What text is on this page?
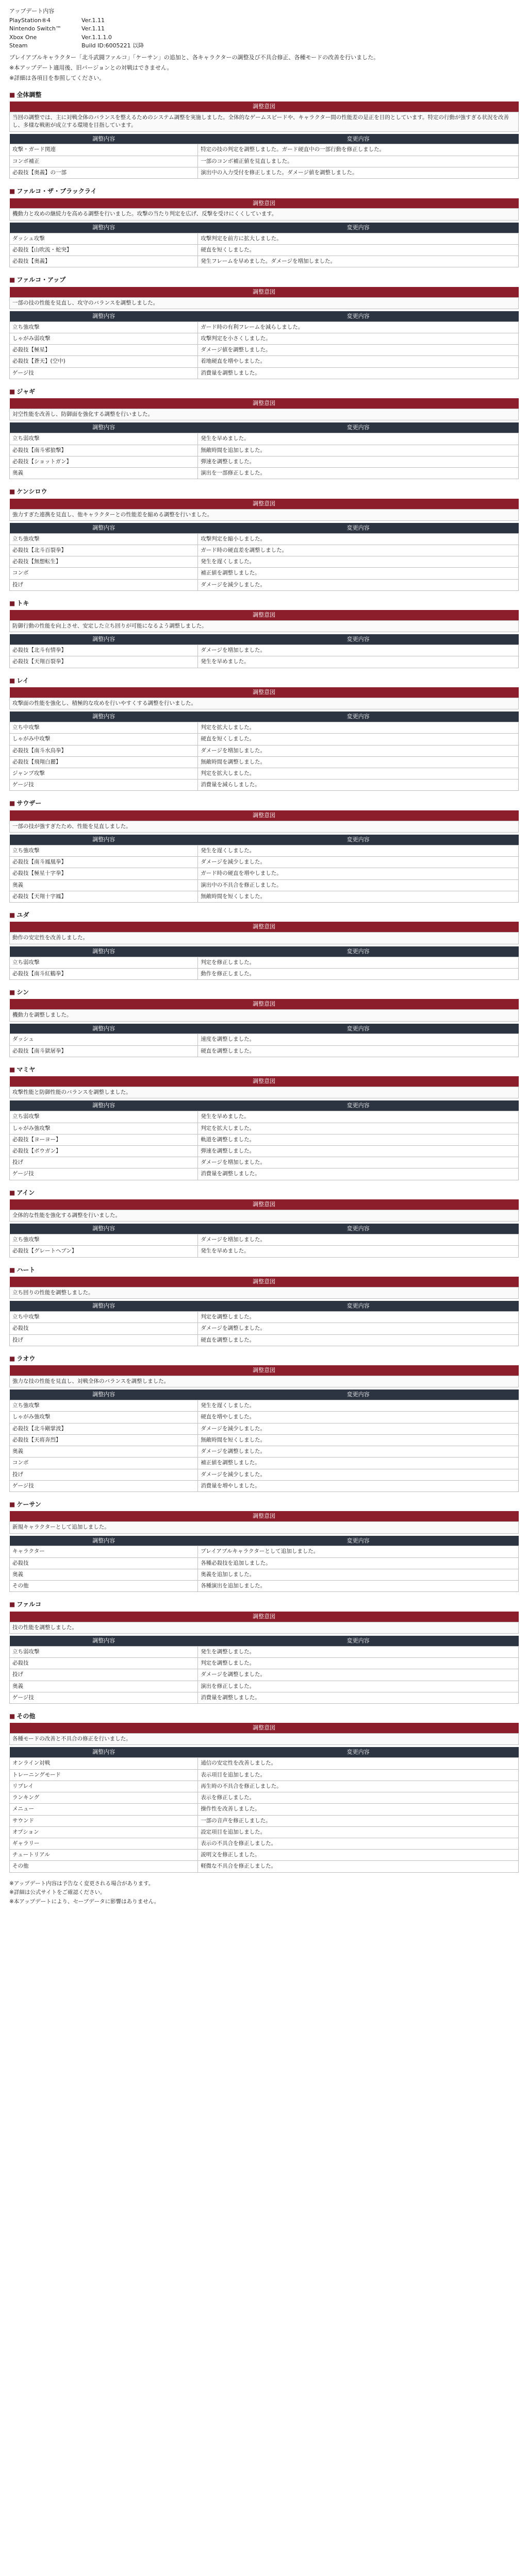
アップデート内容
PlayStation®4	Ver.1.11
Nintendo Switch™	Ver.1.11
Xbox One	Ver.1.1.1.0
Steam	Build ID:6005221 以降

プレイアブルキャラクター「北斗武闘ファルコ」「ケーサン」の追加と、各キャラクターの調整及び不具合修正、各種モードの改善を行いました。

※本アップデート適用後、旧バージョンとの対戦はできません。

※詳細は各項目を参照してください。

■ 全体調整
調整意図
当回の調整では、主に対戦全体のバランスを整えるためのシステム調整を実施しました。全体的なゲームスピードや、キャラクター間の性能差の是正を目的としています。特定の行動が強すぎる状況を改善し、多様な戦術が成立する環境を目指しています。
調整内容	変更内容
攻撃・ガード関連	特定の技の判定を調整しました。ガード硬直中の一部行動を修正しました。
コンボ補正	一部のコンボ補正値を見直しました。
必殺技【奥義】の一部	演出中の入力受付を修正しました。ダメージ値を調整しました。
■ ファルコ・ザ・ブラックライ
調整意図
機動力と攻めの継続力を高める調整を行いました。攻撃の当たり判定を広げ、反撃を受けにくくしています。
調整内容	変更内容
ダッシュ攻撃	攻撃判定を前方に拡大しました。
必殺技【山吹流・蛇突】	硬直を短くしました。
必殺技【奥義】	発生フレームを早めました。ダメージを増加しました。
■ ファルコ・アップ
調整意図
一部の技の性能を見直し、攻守のバランスを調整しました。
調整内容	変更内容
立ち強攻撃	ガード時の有利フレームを減らしました。
しゃがみ弱攻撃	攻撃判定を小さくしました。
必殺技【極星】	ダメージ値を調整しました。
必殺技【蒼天】(空中)	着地硬直を増やしました。
ゲージ技	消費量を調整しました。
■ ジャギ
調整意図
対空性能を改善し、防御面を強化する調整を行いました。
調整内容	変更内容
立ち弱攻撃	発生を早めました。
必殺技【南斗邪狼撃】	無敵時間を追加しました。
必殺技【ショットガン】	弾速を調整しました。
奥義	演出を一部修正しました。
■ ケンシロウ
調整意図
強力すぎた連携を見直し、他キャラクターとの性能差を縮める調整を行いました。
調整内容	変更内容
立ち強攻撃	攻撃判定を縮小しました。
必殺技【北斗百裂拳】	ガード時の硬直差を調整しました。
必殺技【無想転生】	発生を遅くしました。
コンボ	補正値を調整しました。
投げ	ダメージを減少しました。
■ トキ
調整意図
防御行動の性能を向上させ、安定した立ち回りが可能になるよう調整しました。
調整内容	変更内容
必殺技【北斗有情拳】	ダメージを増加しました。
必殺技【天翔百裂拳】	発生を早めました。
■ レイ
調整意図
攻撃面の性能を強化し、積極的な攻めを行いやすくする調整を行いました。
調整内容	変更内容
立ち中攻撃	判定を拡大しました。
しゃがみ中攻撃	硬直を短くしました。
必殺技【南斗水鳥拳】	ダメージを増加しました。
必殺技【飛翔白麗】	無敵時間を調整しました。
ジャンプ攻撃	判定を拡大しました。
ゲージ技	消費量を減らしました。
■ サウザー
調整意図
一部の技が強すぎたため、性能を見直しました。
調整内容	変更内容
立ち強攻撃	発生を遅くしました。
必殺技【南斗鳳凰拳】	ダメージを減少しました。
必殺技【極星十字拳】	ガード時の硬直を増やしました。
奥義	演出中の不具合を修正しました。
必殺技【天翔十字鳳】	無敵時間を短くしました。
■ ユダ
調整意図
動作の安定性を改善しました。
調整内容	変更内容
立ち弱攻撃	判定を修正しました。
必殺技【南斗紅鶴拳】	動作を修正しました。
■ シン
調整意図
機動力を調整しました。
調整内容	変更内容
ダッシュ	速度を調整しました。
必殺技【南斗獄屠拳】	硬直を調整しました。
■ マミヤ
調整意図
攻撃性能と防御性能のバランスを調整しました。
調整内容	変更内容
立ち弱攻撃	発生を早めました。
しゃがみ強攻撃	判定を拡大しました。
必殺技【ヨーヨー】	軌道を調整しました。
必殺技【ボウガン】	弾速を調整しました。
投げ	ダメージを増加しました。
ゲージ技	消費量を調整しました。
■ アイン
調整意図
全体的な性能を強化する調整を行いました。
調整内容	変更内容
立ち強攻撃	ダメージを増加しました。
必殺技【グレートヘブン】	発生を早めました。
■ ハート
調整意図
立ち回りの性能を調整しました。
調整内容	変更内容
立ち中攻撃	判定を調整しました。
必殺技	ダメージを調整しました。
投げ	硬直を調整しました。
■ ラオウ
調整意図
強力な技の性能を見直し、対戦全体のバランスを調整しました。
調整内容	変更内容
立ち強攻撃	発生を遅くしました。
しゃがみ強攻撃	硬直を増やしました。
必殺技【北斗剛掌波】	ダメージを減少しました。
必殺技【天将奔烈】	無敵時間を短くしました。
奥義	ダメージを調整しました。
コンボ	補正値を調整しました。
投げ	ダメージを減少しました。
ゲージ技	消費量を増やしました。
■ ケーサン
調整意図
新規キャラクターとして追加しました。
調整内容	変更内容
キャラクター	プレイアブルキャラクターとして追加しました。
必殺技	各種必殺技を追加しました。
奥義	奥義を追加しました。
その他	各種演出を追加しました。
■ ファルコ
調整意図
技の性能を調整しました。
調整内容	変更内容
立ち弱攻撃	発生を調整しました。
必殺技	判定を調整しました。
投げ	ダメージを調整しました。
奥義	演出を修正しました。
ゲージ技	消費量を調整しました。
■ その他
調整意図
各種モードの改善と不具合の修正を行いました。
調整内容	変更内容
オンライン対戦	通信の安定性を改善しました。
トレーニングモード	表示項目を追加しました。
リプレイ	再生時の不具合を修正しました。
ランキング	表示を修正しました。
メニュー	操作性を改善しました。
サウンド	一部の音声を修正しました。
オプション	設定項目を追加しました。
ギャラリー	表示の不具合を修正しました。
チュートリアル	説明文を修正しました。
その他	軽微な不具合を修正しました。

※アップデート内容は予告なく変更される場合があります。

※詳細は公式サイトをご確認ください。

※本アップデートにより、セーブデータに影響はありません。
